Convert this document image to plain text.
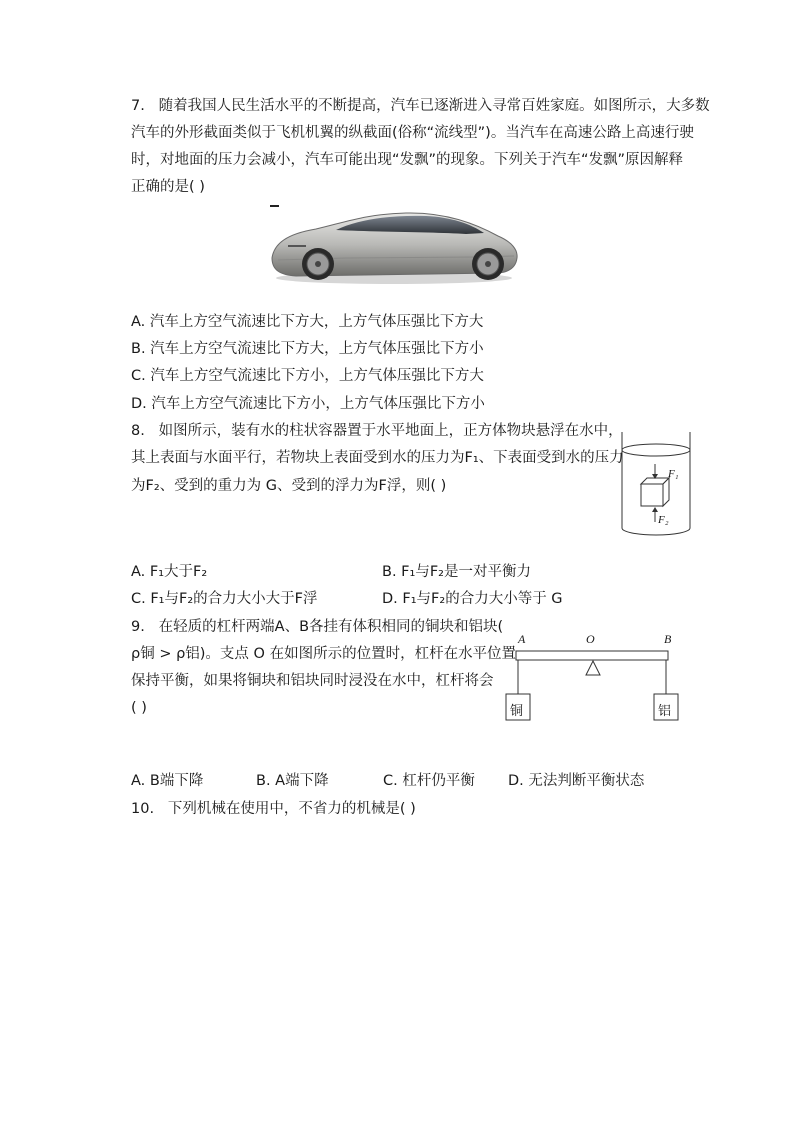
7. 随着我国人民生活水平的不断提高，汽车已逐渐进入寻常百姓家庭。如图所示，大多数
汽车的外形截面类似于飞机机翼的纵截面(俗称“流线型”)。当汽车在高速公路上高速行驶
时，对地面的压力会减小，汽车可能出现“发飘”的现象。下列关于汽车“发飘”原因解释
正确的是( )
A. 汽车上方空气流速比下方大，上方气体压强比下方大
B. 汽车上方空气流速比下方大，上方气体压强比下方小
C. 汽车上方空气流速比下方小，上方气体压强比下方大
D. 汽车上方空气流速比下方小，上方气体压强比下方小
8. 如图所示，装有水的柱状容器置于水平地面上，正方体物块悬浮在水中，
其上表面与水面平行，若物块上表面受到水的压力为F₁、下表面受到水的压力
为F₂、受到的重力为 G、受到的浮力为F浮，则( )
F₁
F₂
A. F₁大于F₂	B. F₁与F₂是一对平衡力
C. F₁与F₂的合力大小大于F浮	D. F₁与F₂的合力大小等于 G
9. 在轻质的杠杆两端A、B各挂有体积相同的铜块和铝块(
ρ铜 > ρ铝)。支点 O 在如图所示的位置时，杠杆在水平位置
保持平衡，如果将铜块和铝块同时浸没在水中，杠杆将会
( )
A	O	B
铜	铝
A. B端下降	B. A端下降	C. 杠杆仍平衡 D. 无法判断平衡状态
10. 下列机械在使用中，不省力的机械是( )
